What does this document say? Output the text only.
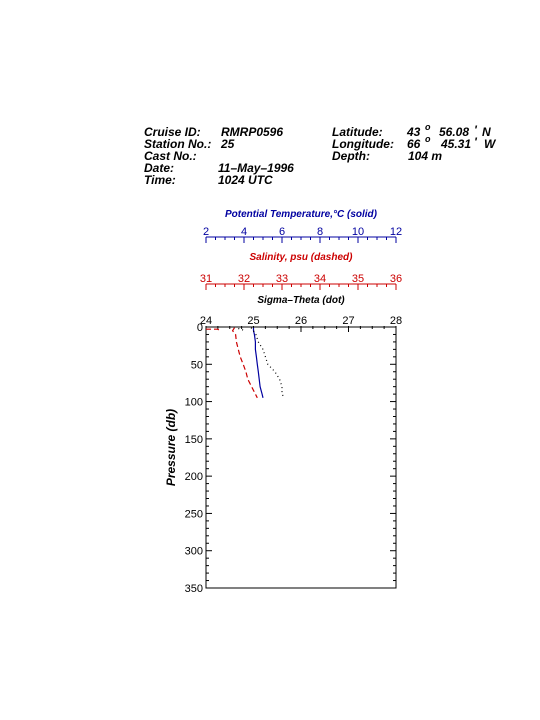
Cruise ID: RMRP0596
Station No.: 25
Cast No.:
Date:	11–May–1996
Time:	1024 UTC
Latitude: 43 o 56.08 ' N
Longitude: 66 o 45.31 ' W
Depth:	104 m
Potential Temperature,°C (solid)
2	4	6	8	10 12
Salinity, psu (dashed)
31 32 33 34 35 36
Sigma–Theta (dot)
24	25	26	27	28
0
50
100
150
200
250
300
350
Pressure (db)
